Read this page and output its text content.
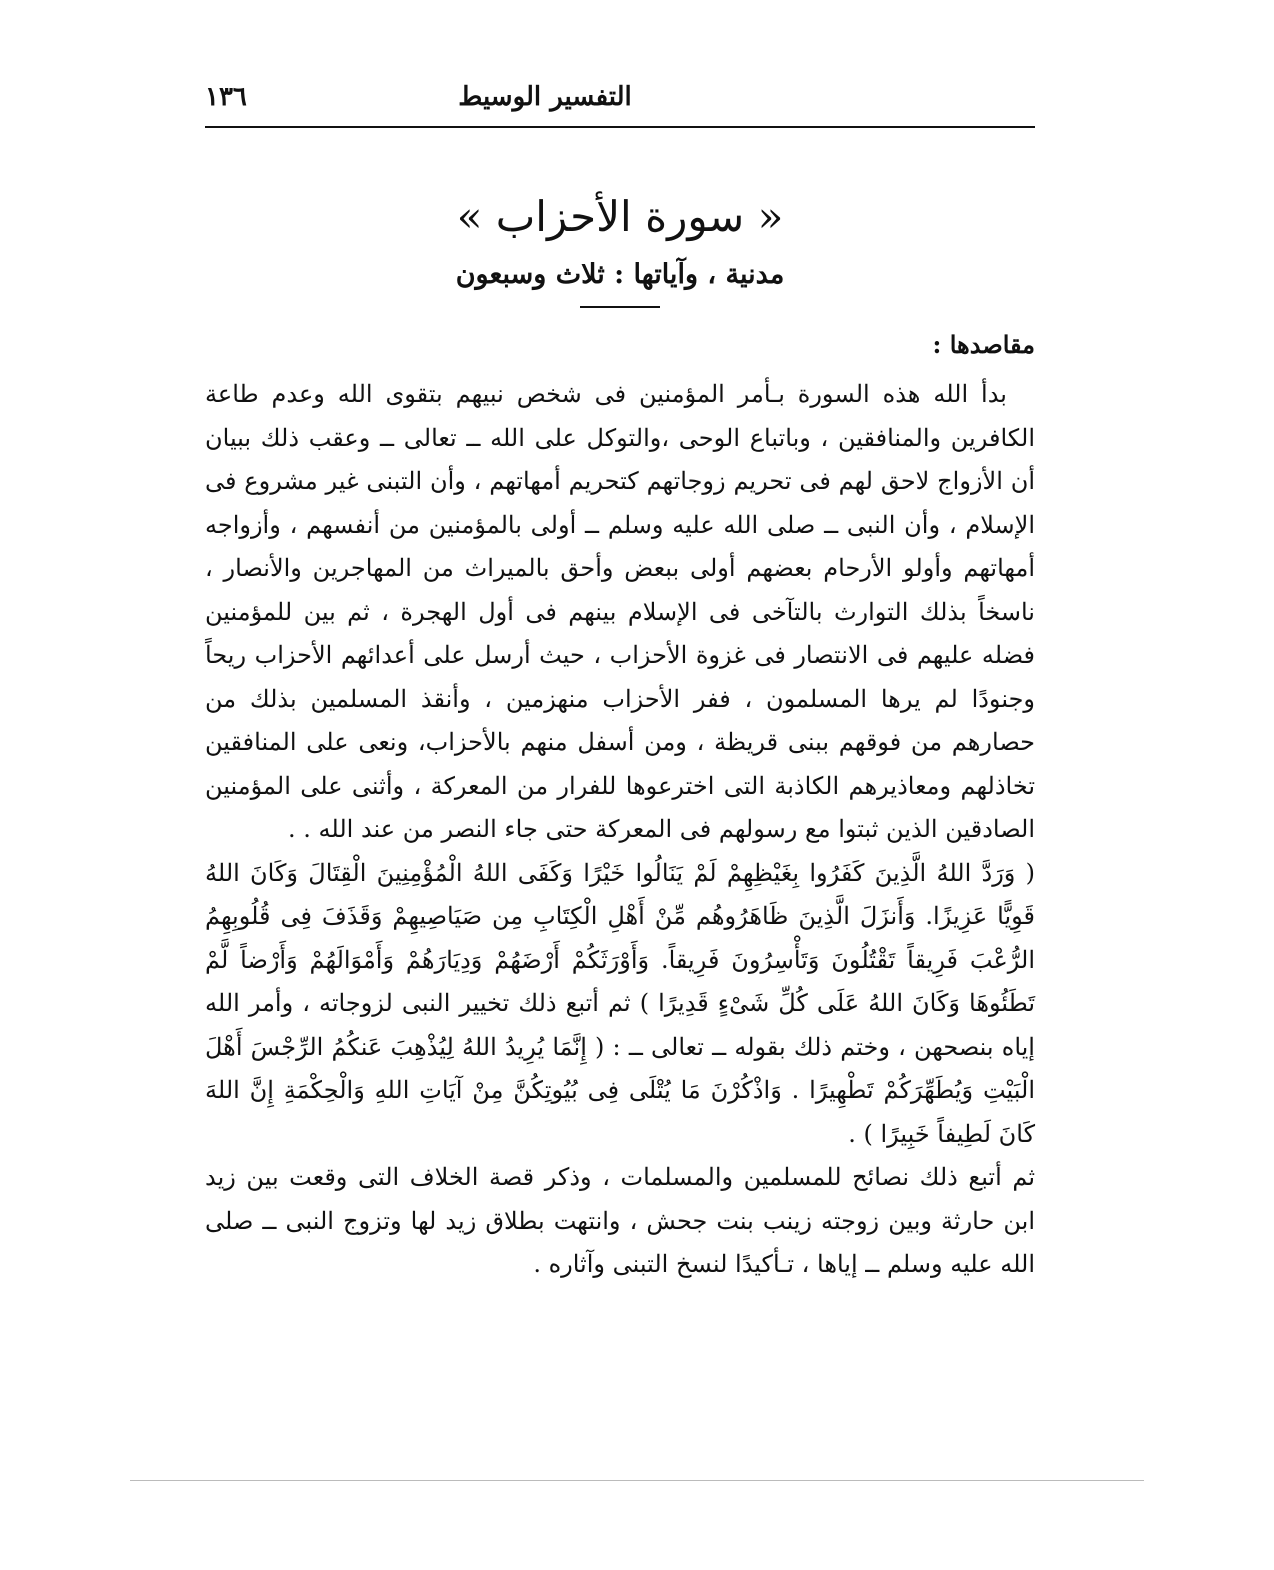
١٣٦	التفسير الوسيط
« سورة الأحزاب »
مدنية ، وآياتها : ثلاث وسبعون
مقاصدها :

بدأ الله هذه السورة بـأمر المؤمنين فى شخص نبيهم بتقوى الله وعدم طاعة الكافرين والمنافقين ، وباتباع الوحى ،والتوكل على الله ــ تعالى ــ وعقب ذلك ببيان أن الأزواج لاحق لهم فى تحريم زوجاتهم كتحريم أمهاتهم ، وأن التبنى غير مشروع فى الإسلام ، وأن النبى ــ صلى الله عليه وسلم ــ أولى بالمؤمنين من أنفسهم ، وأزواجه أمهاتهم وأولو الأرحام بعضهم أولى ببعض وأحق بالميراث من المهاجرين والأنصار ، ناسخاً بذلك التوارث بالتآخى فى الإسلام بينهم فى أول الهجرة ، ثم بين للمؤمنين فضله عليهم فى الانتصار فى غزوة الأحزاب ، حيث أرسل على أعدائهم الأحزاب ريحاً وجنودًا لم يرها المسلمون ، ففر الأحزاب منهزمين ، وأنقذ المسلمين بذلك من حصارهم من فوقهم ببنى قريظة ، ومن أسفل منهم بالأحزاب، ونعى على المنافقين تخاذلهم ومعاذيرهم الكاذبة التى اخترعوها للفرار من المعركة ، وأثنى على المؤمنين الصادقين الذين ثبتوا مع رسولهم فى المعركة حتى جاء النصر من عند الله . .

( وَرَدَّ اللهُ الَّذِينَ كَفَرُوا بِغَيْظِهِمْ لَمْ يَنَالُوا خَيْرًا وَكَفَى اللهُ الْمُؤْمِنِينَ الْقِتَالَ وَكَانَ اللهُ قَوِيًّا عَزِيزًا. وَأَنزَلَ الَّذِينَ ظَاهَرُوهُم مِّنْ أَهْلِ الْكِتَابِ مِن صَيَاصِيهِمْ وَقَذَفَ فِى قُلُوبِهِمُ الرُّعْبَ فَرِيقاً تَقْتُلُونَ وَتَأْسِرُونَ فَرِيقاً. وَأَوْرَثَكُمْ أَرْضَهُمْ وَدِيَارَهُمْ وَأَمْوَالَهُمْ وَأَرْضاً لَّمْ تَطَئُوهَا وَكَانَ اللهُ عَلَى كُلِّ شَىْءٍ قَدِيرًا ) ثم أتبع ذلك تخيير النبى لزوجاته ، وأمر الله إياه بنصحهن ، وختم ذلك بقوله ــ تعالى ــ : ( إِنَّمَا يُرِيدُ اللهُ لِيُذْهِبَ عَنكُمُ الرِّجْسَ أَهْلَ الْبَيْتِ وَيُطَهِّرَكُمْ تَطْهِيرًا . وَاذْكُرْنَ مَا يُتْلَى فِى بُيُوتِكُنَّ مِنْ آيَاتِ اللهِ وَالْحِكْمَةِ إِنَّ اللهَ كَانَ لَطِيفاً خَبِيرًا ) .

ثم أتبع ذلك نصائح للمسلمين والمسلمات ، وذكر قصة الخلاف التى وقعت بين زيد ابن حارثة وبين زوجته زينب بنت جحش ، وانتهت بطلاق زيد لها وتزوج النبى ــ صلى الله عليه وسلم ــ إياها ، تـأكيدًا لنسخ التبنى وآثاره .
